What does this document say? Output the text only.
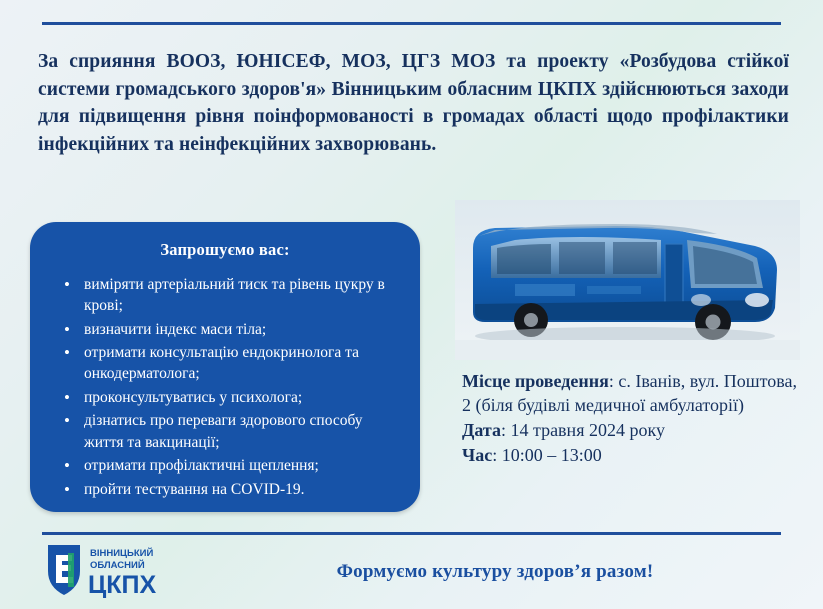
За сприяння ВООЗ, ЮНІСЕФ, МОЗ, ЦГЗ МОЗ та проекту «Розбудова стійкої системи громадського здоров'я» Вінницьким обласним ЦКПХ здійснюються заходи для підвищення рівня поінформованості в громадах області щодо профілактики інфекційних та неінфекційних захворювань.
Запрошуємо вас:
• виміряти артеріальний тиск та рівень цукру в крові;
• визначити індекс маси тіла;
• отримати консультацію ендокринолога та онкодерматолога;
• проконсультуватись у психолога;
• дізнатись про переваги здорового способу життя та вакцинації;
• отримати профілактичні щеплення;
• пройти тестування на COVID-19.

Місце проведення: с. Іванів, вул. Поштова, 2 (біля будівлі медичної амбулаторії)

Дата: 14 травня 2024 року

Час: 10:00 – 13:00

ВІННИЦЬКИЙ
ОБЛАСНИЙ
ЦКПХ	Формуємо культуру здоров’я разом!
